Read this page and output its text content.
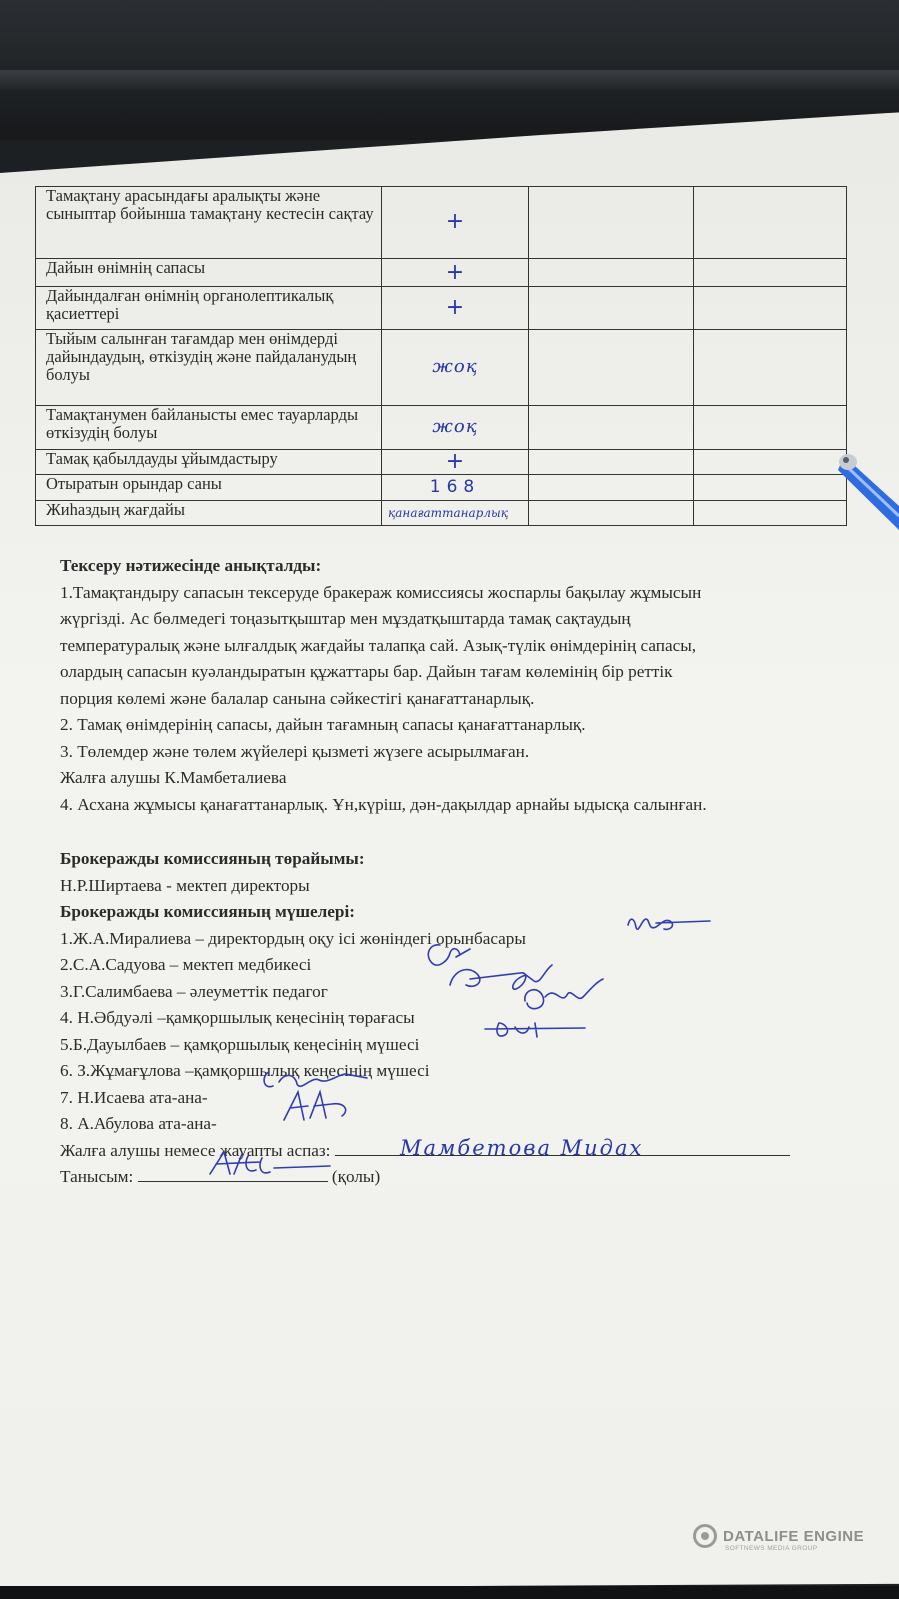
Тамақтану арасындағы аралықты және сыныптар бойынша тамақтану кестесін сақтау	+		
Дайын өнімнің сапасы	+		
Дайындалған өнімнің органолептикалық қасиеттері	+		
Тыйым салынған тағамдар мен өнімдерді дайындаудың, өткізудің және пайдаланудың болуы	жоқ		
Тамақтанумен байланысты емес тауарларды өткізудің болуы	жоқ		
Тамақ қабылдауды ұйымдастыру	+		
Отыратын орындар саны	168		
Жиһаздың жағдайы	қанағаттанарлық		
Тексеру нәтижесінде анықталды:
1.Тамақтандыру сапасын тексеруде бракераж комиссиясы жоспарлы бақылау жұмысын
жүргізді. Ас бөлмедегі тоңазытқыштар мен мұздатқыштарда тамақ сақтаудың
температуралық және ылғалдық жағдайы талапқа сай. Азық-түлік өнімдерінің сапасы,
олардың сапасын куәландыратын құжаттары бар. Дайын тағам көлемінің бір реттік
порция көлемі және балалар санына сәйкестігі қанағаттанарлық.
2. Тамақ өнімдерінің сапасы, дайын тағамның сапасы қанағаттанарлық.
3. Төлемдер және төлем жүйелері қызметі жүзеге асырылмаған.
Жалға алушы К.Мамбеталиева
4. Асхана жұмысы қанағаттанарлық. Ұн,күріш, дән-дақылдар арнайы ыдысқа салынған.
Брокеражды комиссияның төрайымы:
Н.Р.Ширтаева - мектеп директоры
Брокеражды комиссияның мүшелері:
1.Ж.А.Миралиева – директордың оқу ісі жөніндегі орынбасары
2.С.А.Садуова – мектеп медбикесі
3.Г.Салимбаева – әлеуметтік педагог
4. Н.Әбдуәлі –қамқоршылық кеңесінің төрағасы
5.Б.Дауылбаев – қамқоршылық кеңесінің мүшесі
6. З.Жұмағұлова –қамқоршылық кеңесінің мүшесі
7. Н.Исаева ата-ана-
8. А.Абулова ата-ана-
Жалға алушы немесе жауапты аспаз:
Танысым:	(қолы)
Мамбетова Мидах
DATALIFE ENGINE
SOFTNEWS MEDIA GROUP
